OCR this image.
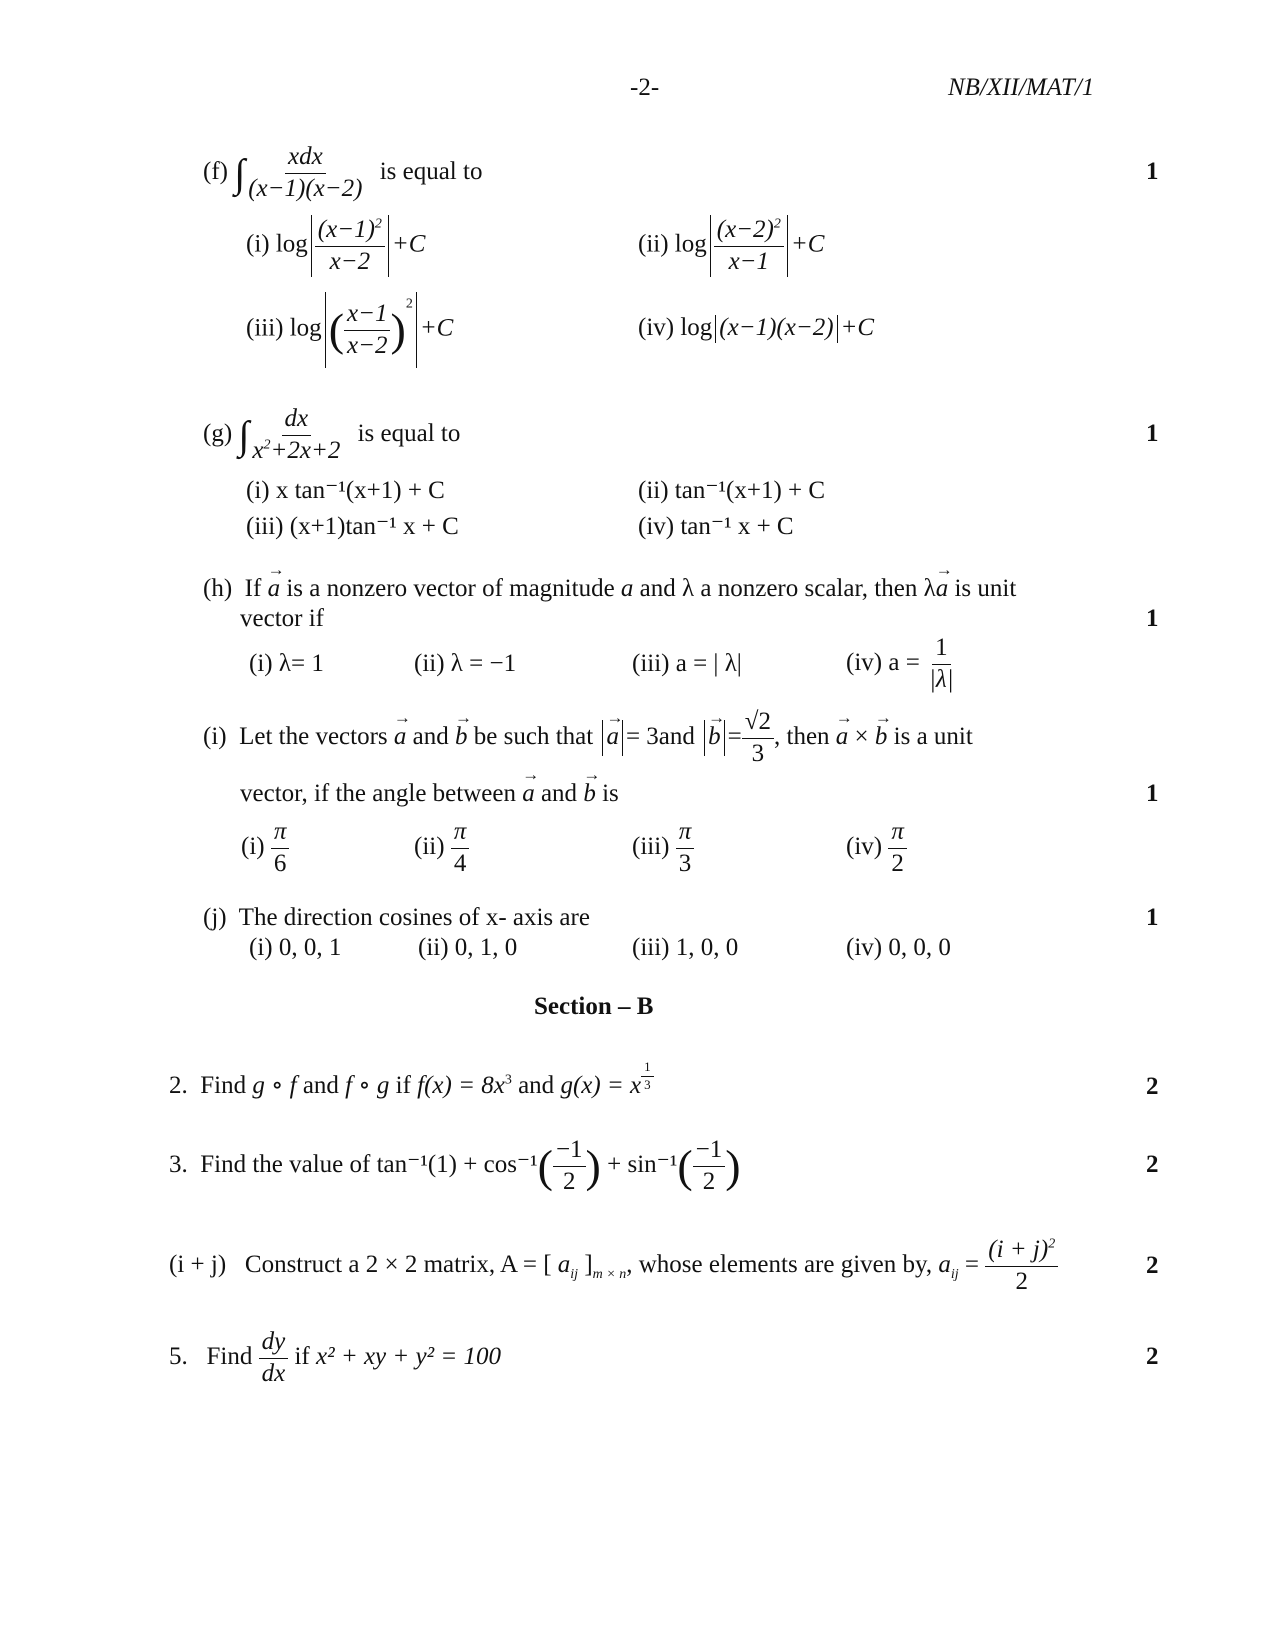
-2-	NB/XII/MAT/1
(f) ∫ $\frac{\text{xdx}}{(x-1)(x-2)}$ is equal to	1
(i) $\log \frac{(x-1)^2}{x-2} +C$	(ii) $\log \frac{(x-2)^2}{x-1} +C$
(iii) log ( $\frac{x-1}{x-2} )^2+C$	(iv) log (x−1)(x−2) +C
(g) ∫ $\frac{dx}{x^2+2x+2}$ is equal to	1
(i) x tan⁻¹(x+1) + C	(ii) tan⁻¹(x+1) + C
(iii) (x+1)tan⁻¹ x + C	(iv) tan⁻¹ x + C
(h) If → a is a nonzero vector of magnitude a and λ a nonzero scalar, then λ→ a is unit
vector if	1
(i) λ= 1	(ii) λ = −1	(iii) a = | λ|	(iv) $a = \frac{1}{|\lambda|}$
(i) Let the vectors → a and → b be such that → $a = 3and \to b = \frac{√2}{3}$ , then → a × → b is a unit
vector, if the angle between → a and → b is	1
$(i) \frac{\pi}{6}$	$(ii) \frac{\pi}{4}$	$(iii) \frac{\pi}{3}$	$(iv) \frac{\pi}{2}$
(j) The direction cosines of x- axis are	1
(i) 0, 0, 1	(ii) 0, 1, 0	(iii) 1, 0, 0	(iv) 0, 0, 0
Section – B
2. Find g ∘ f and f ∘ g if $f(x) = 8x^3$ and g(x) = x $\frac{1}{3}$	2
3. Find the value of $\tan^{-1}(1) + \cos^{-1}( \frac{-1}{2}$ ) + $\sin^{-1}( \frac{-1}{2}$ )	2
(i + j) Construct a 2 × 2 matrix, A = [ $a_{ij}$ ]$_{m \times n}$, whose elements are given by, $a_{ij} = \frac{(i + j)^2}{2}$	2
5. Find $\frac{dy}{dx}$ if x² + xy + y² = 100	2
